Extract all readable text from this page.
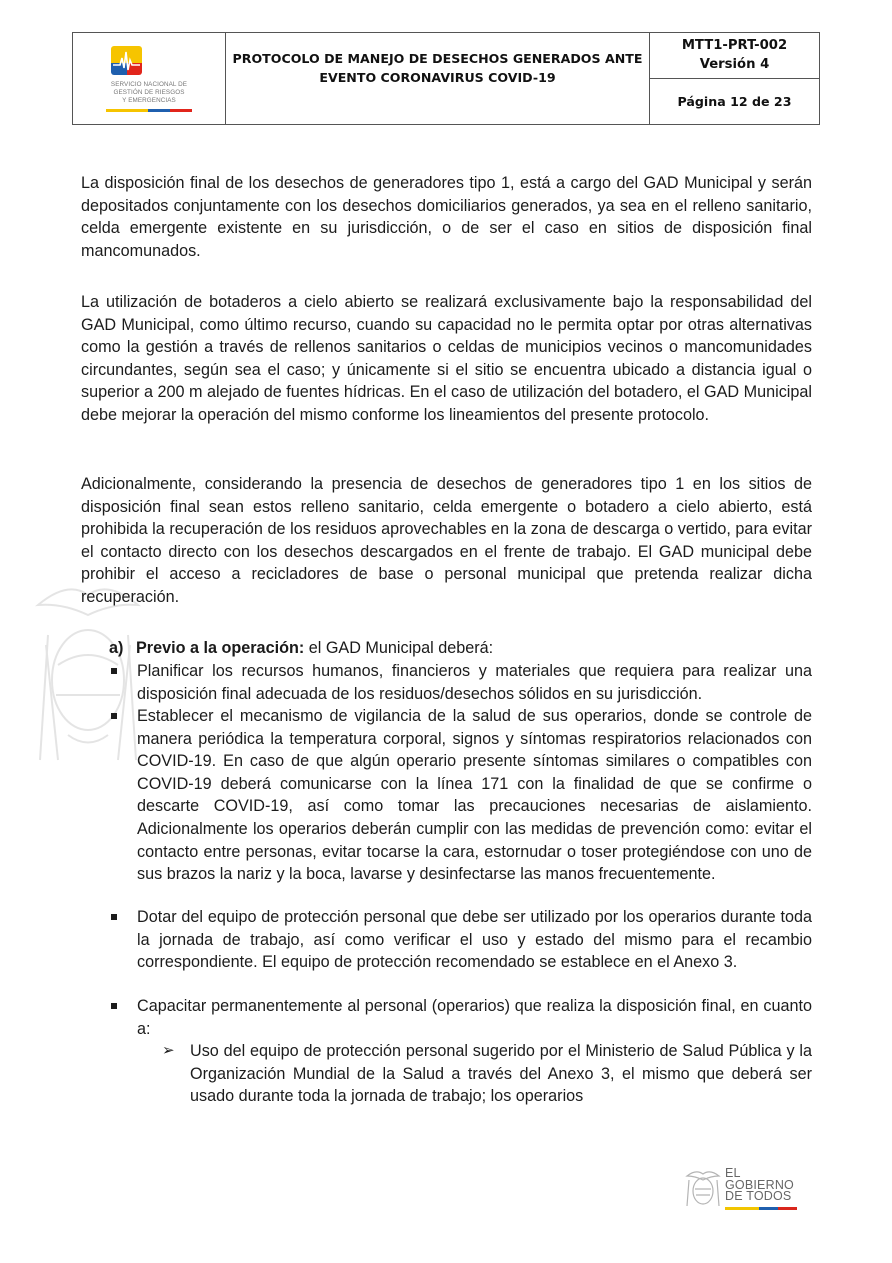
SERVICIO NACIONAL DE
GESTIÓN DE RIESGOS
Y EMERGENCIAS
PROTOCOLO DE MANEJO DE DESECHOS GENERADOS ANTE
EVENTO CORONAVIRUS COVID-19
MTT1-PRT-002
Versión 4
Página 12 de 23
La disposición final de los desechos de generadores tipo 1, está a cargo del GAD Municipal y serán depositados conjuntamente con los desechos domiciliarios generados, ya sea en el relleno sanitario, celda emergente existente en su jurisdicción, o de ser el caso en sitios de disposición final mancomunados.
La utilización de botaderos a cielo abierto se realizará exclusivamente bajo la responsabilidad del GAD Municipal, como último recurso, cuando su capacidad no le permita optar por otras alternativas como la gestión a través de rellenos sanitarios o celdas de municipios vecinos o mancomunidades circundantes, según sea el caso; y únicamente si el sitio se encuentra ubicado a distancia igual o superior a 200 m alejado de fuentes hídricas. En el caso de utilización del botadero, el GAD Municipal debe mejorar la operación del mismo conforme los lineamientos del presente protocolo.
Adicionalmente, considerando la presencia de desechos de generadores tipo 1 en los sitios de disposición final sean estos relleno sanitario, celda emergente o botadero a cielo abierto, está prohibida la recuperación de los residuos aprovechables en la zona de descarga o vertido, para evitar el contacto directo con los desechos descargados en el frente de trabajo. El GAD municipal debe prohibir el acceso a recicladores de base o personal municipal que pretenda realizar dicha recuperación.
a) Previo a la operación: el GAD Municipal deberá:
Planificar los recursos humanos, financieros y materiales que requiera para realizar una disposición final adecuada de los residuos/desechos sólidos en su jurisdicción.
Establecer el mecanismo de vigilancia de la salud de sus operarios, donde se controle de manera periódica la temperatura corporal, signos y síntomas respiratorios relacionados con COVID-19. En caso de que algún operario presente síntomas similares o compatibles con COVID-19 deberá comunicarse con la línea 171 con la finalidad de que se confirme o descarte COVID-19, así como tomar las precauciones necesarias de aislamiento. Adicionalmente los operarios deberán cumplir con las medidas de prevención como: evitar el contacto entre personas, evitar tocarse la cara, estornudar o toser protegiéndose con uno de sus brazos la nariz y la boca, lavarse y desinfectarse las manos frecuentemente.
Dotar del equipo de protección personal que debe ser utilizado por los operarios durante toda la jornada de trabajo, así como verificar el uso y estado del mismo para el recambio correspondiente. El equipo de protección recomendado se establece en el Anexo 3.
Capacitar permanentemente al personal (operarios) que realiza la disposición final, en cuanto a:
➢ Uso del equipo de protección personal sugerido por el Ministerio de Salud Pública y la Organización Mundial de la Salud a través del Anexo 3, el mismo que deberá ser usado durante toda la jornada de trabajo; los operarios
EL
GOBIERNO
DE TODOS
